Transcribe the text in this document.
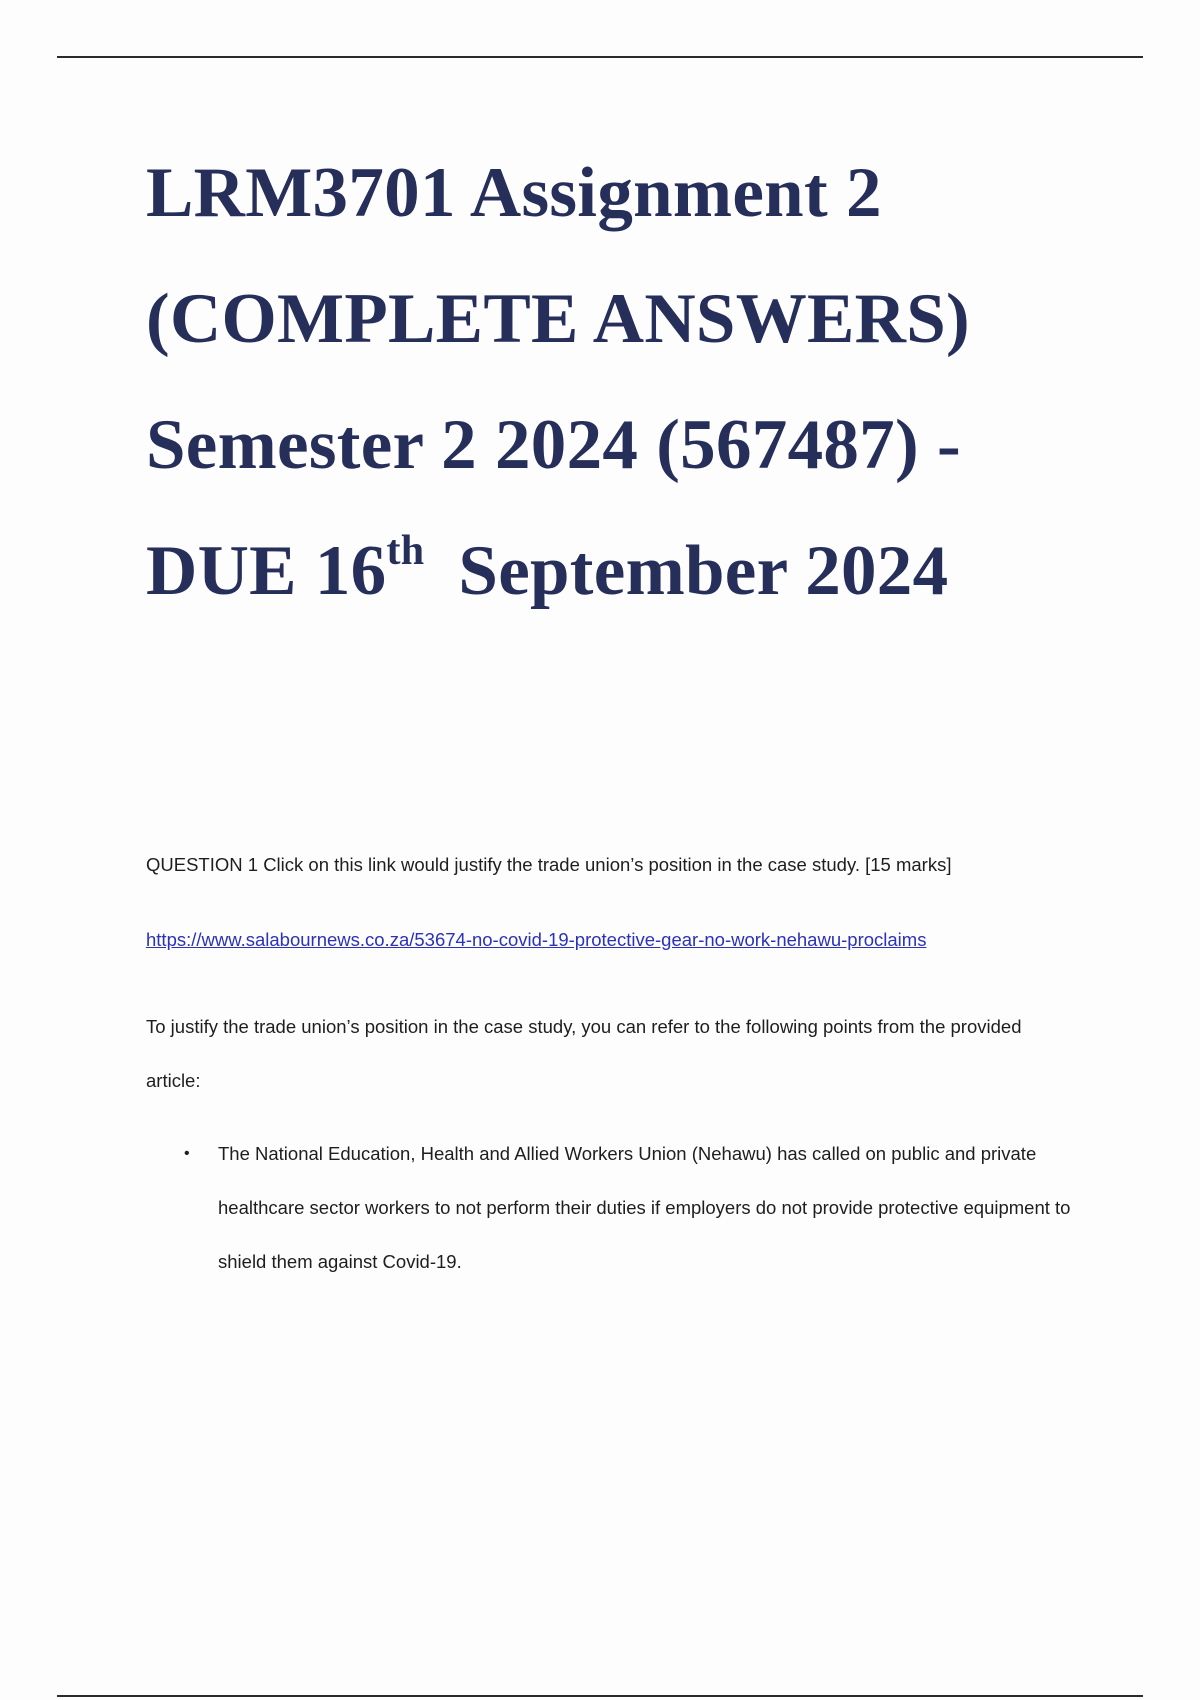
LRM3701 Assignment 2
(COMPLETE ANSWERS)
Semester 2 2024 (567487) -
DUE 16th September 2024

QUESTION 1 Click on this link would justify the trade union’s position in the case study. [15 marks]

https://www.salabournews.co.za/53674-no-covid-19-protective-gear-no-work-nehawu-proclaims

To justify the trade union’s position in the case study, you can refer to the following points from the provided article:

• The National Education, Health and Allied Workers Union (Nehawu) has called on public and private healthcare sector workers to not perform their duties if employers do not provide protective equipment to shield them against Covid-19.
